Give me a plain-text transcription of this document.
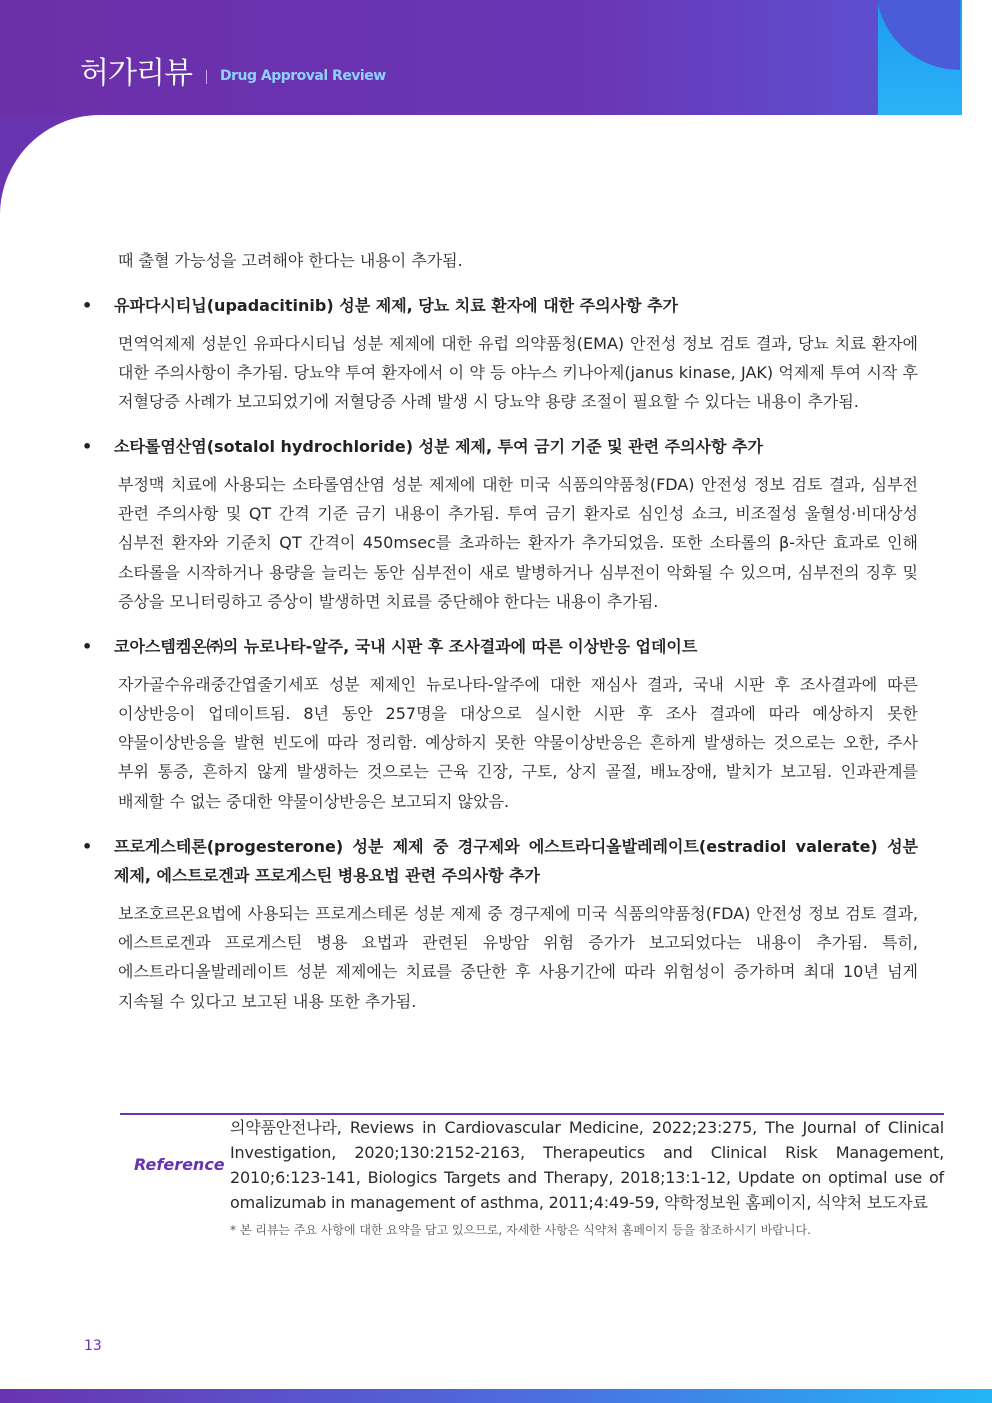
허가리뷰 Drug Approval Review

때 출혈 가능성을 고려해야 한다는 내용이 추가됨.

•	유파다시티닙(upadacitinib) 성분 제제, 당뇨 치료 환자에 대한 주의사항 추가

면역억제제 성분인 유파다시티닙 성분 제제에 대한 유럽 의약품청(EMA) 안전성 정보 검토 결과, 당뇨 치료 환자에 대한 주의사항이 추가됨. 당뇨약 투여 환자에서 이 약 등 야누스 키나아제(janus kinase, JAK) 억제제 투여 시작 후 저혈당증 사례가 보고되었기에 저혈당증 사례 발생 시 당뇨약 용량 조절이 필요할 수 있다는 내용이 추가됨.

•	소타롤염산염(sotalol hydrochloride) 성분 제제, 투여 금기 기준 및 관련 주의사항 추가

부정맥 치료에 사용되는 소타롤염산염 성분 제제에 대한 미국 식품의약품청(FDA) 안전성 정보 검토 결과, 심부전 관련 주의사항 및 QT 간격 기준 금기 내용이 추가됨. 투여 금기 환자로 심인성 쇼크, 비조절성 울혈성·비대상성 심부전 환자와 기준치 QT 간격이 450msec를 초과하는 환자가 추가되었음. 또한 소타롤의 β-차단 효과로 인해 소타롤을 시작하거나 용량을 늘리는 동안 심부전이 새로 발병하거나 심부전이 악화될 수 있으며, 심부전의 징후 및 증상을 모니터링하고 증상이 발생하면 치료를 중단해야 한다는 내용이 추가됨.

•	코아스템켐온㈜의 뉴로나타-알주, 국내 시판 후 조사결과에 따른 이상반응 업데이트

자가골수유래중간엽줄기세포 성분 제제인 뉴로나타-알주에 대한 재심사 결과, 국내 시판 후 조사결과에 따른 이상반응이 업데이트됨. 8년 동안 257명을 대상으로 실시한 시판 후 조사 결과에 따라 예상하지 못한 약물이상반응을 발현 빈도에 따라 정리함. 예상하지 못한 약물이상반응은 흔하게 발생하는 것으로는 오한, 주사 부위 통증, 흔하지 않게 발생하는 것으로는 근육 긴장, 구토, 상지 골절, 배뇨장애, 발치가 보고됨. 인과관계를 배제할 수 없는 중대한 약물이상반응은 보고되지 않았음.

•	프로게스테론(progesterone) 성분 제제 중 경구제와 에스트라디올발레레이트(estradiol valerate) 성분 제제, 에스트로겐과 프로게스틴 병용요법 관련 주의사항 추가

보조호르몬요법에 사용되는 프로게스테론 성분 제제 중 경구제에 미국 식품의약품청(FDA) 안전성 정보 검토 결과, 에스트로겐과 프로게스틴 병용 요법과 관련된 유방암 위험 증가가 보고되었다는 내용이 추가됨. 특히, 에스트라디올발레레이트 성분 제제에는 치료를 중단한 후 사용기간에 따라 위험성이 증가하며 최대 10년 넘게 지속될 수 있다고 보고된 내용 또한 추가됨.

Reference
의약품안전나라, Reviews in Cardiovascular Medicine, 2022;23:275, The Journal of Clinical Investigation, 2020;130:2152-2163, Therapeutics and Clinical Risk Management, 2010;6:123-141, Biologics Targets and Therapy, 2018;13:1-12, Update on optimal use of omalizumab in management of asthma, 2011;4:49-59, 약학정보원 홈페이지, 식약처 보도자료
* 본 리뷰는 주요 사항에 대한 요약을 담고 있으므로, 자세한 사항은 식약처 홈페이지 등을 참조하시기 바랍니다.
13
